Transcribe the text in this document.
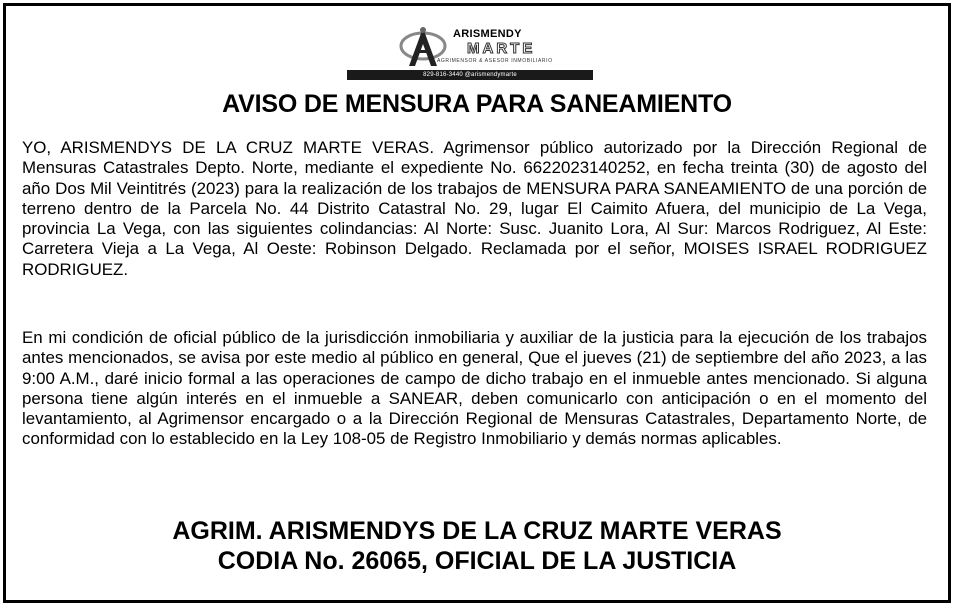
ARISMENDY
MARTE
AGRIMENSOR & ASESOR INMOBILIARIO
829-816-3440 @arismendymarte
AVISO DE MENSURA PARA SANEAMIENTO

YO, ARISMENDYS DE LA CRUZ MARTE VERAS. Agrimensor público autorizado por la Dirección Regional de Mensuras Catastrales Depto. Norte, mediante el expediente No. 6622023140252, en fecha treinta (30) de agosto del año Dos Mil Veintitrés (2023) para la realización de los trabajos de MENSURA PARA SANEAMIENTO de una porción de terreno dentro de la Parcela No. 44 Distrito Catastral No. 29, lugar El Caimito Afuera, del municipio de La Vega, provincia La Vega, con las siguientes colindancias: Al Norte: Susc. Juanito Lora, Al Sur: Marcos Rodriguez, Al Este: Carretera Vieja a La Vega, Al Oeste: Robinson Delgado. Reclamada por el señor, MOISES ISRAEL RODRIGUEZ RODRIGUEZ.

En mi condición de oficial público de la jurisdicción inmobiliaria y auxiliar de la justicia para la ejecución de los trabajos antes mencionados, se avisa por este medio al público en general, Que el jueves (21) de septiembre del año 2023, a las 9:00 A.M., daré inicio formal a las operaciones de campo de dicho trabajo en el inmueble antes mencionado. Si alguna persona tiene algún interés en el inmueble a SANEAR, deben comunicarlo con anticipación o en el momento del levantamiento, al Agrimensor encargado o a la Dirección Regional de Mensuras Catastrales, Departamento Norte, de conformidad con lo establecido en la Ley 108-05 de Registro Inmobiliario y demás normas aplicables.

AGRIM. ARISMENDYS DE LA CRUZ MARTE VERAS
CODIA No. 26065, OFICIAL DE LA JUSTICIA
